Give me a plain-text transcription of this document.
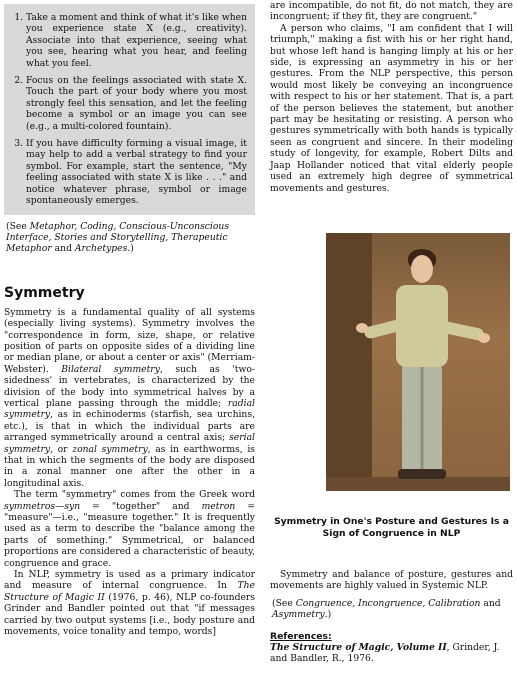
1. Take a moment and think of what it's like when you experience state X (e.g., creativity). Associate into that experience, seeing what you see, hearing what you hear, and feeling what you feel.
2. Focus on the feelings associated with state X. Touch the part of your body where you most strongly feel this sensation, and let the feeling become a symbol or an image you can see (e.g., a multi-colored fountain).
3. If you have difficulty forming a visual image, it may help to add a verbal strategy to find your symbol. For example, start the sentence, "My feeling associated with state X is like . . ." and notice whatever phrase, symbol or image spontaneously emerges.

(See Metaphor, Coding, Conscious-Unconscious Interface, Stories and Storytelling, Therapeutic Metaphor and Archetypes.)

Symmetry

Symmetry is a fundamental quality of all systems (especially living systems). Symmetry involves the "correspondence in form, size, shape, or relative position of parts on opposite sides of a dividing line or median plane, or about a center or axis" (Merriam-Webster). Bilateral symmetry, such as 'two-sidedness' in vertebrates, is characterized by the division of the body into symmetrical halves by a vertical plane passing through the middle; radial symmetry, as in echinoderms (starfish, sea urchins, etc.), is that in which the individual parts are arranged symmetrically around a central axis; serial symmetry, or zonal symmetry, as in earthworms, is that in which the segments of the body are disposed in a zonal manner one after the other in a longitudinal axis.

The term "symmetry" comes from the Greek word symmetros—syn = "together" and metron = "measure"—i.e., "measure together." It is frequently used as a term to describe the "balance among the parts of something." Symmetrical, or balanced proportions are considered a characteristic of beauty, congruence and grace.

In NLP, symmetry is used as a primary indicator and measure of internal congruence. In The Structure of Magic II (1976, p. 46), NLP co-founders Grinder and Bandler pointed out that "if messages carried by two output systems [i.e., body posture and movements, voice tonality and tempo, words]

are incompatible, do not fit, do not match, they are incongruent; if they fit, they are congruent."

A person who claims, "I am confident that I will triumph," making a fist with his or her right hand, but whose left hand is hanging limply at his or her side, is expressing an asymmetry in his or her gestures. From the NLP perspective, this person would most likely be conveying an incongruence with respect to his or her statement. That is, a part of the person believes the statement, but another part may be hesitating or resisting. A person who gestures symmetrically with both hands is typically seen as congruent and sincere. In their modeling study of longevity, for example, Robert Dilts and Jaap Hollander noticed that vital elderly people used an extremely high degree of symmetrical movements and gestures.

Symmetry in One's Posture and Gestures Is a Sign of Congruence in NLP

Symmetry and balance of posture, gestures and movements are highly valued in Systemic NLP.

(See Congruence, Incongruence, Calibration and Asymmetry.)

References:

The Structure of Magic, Volume II, Grinder, J. and Bandler, R., 1976.
